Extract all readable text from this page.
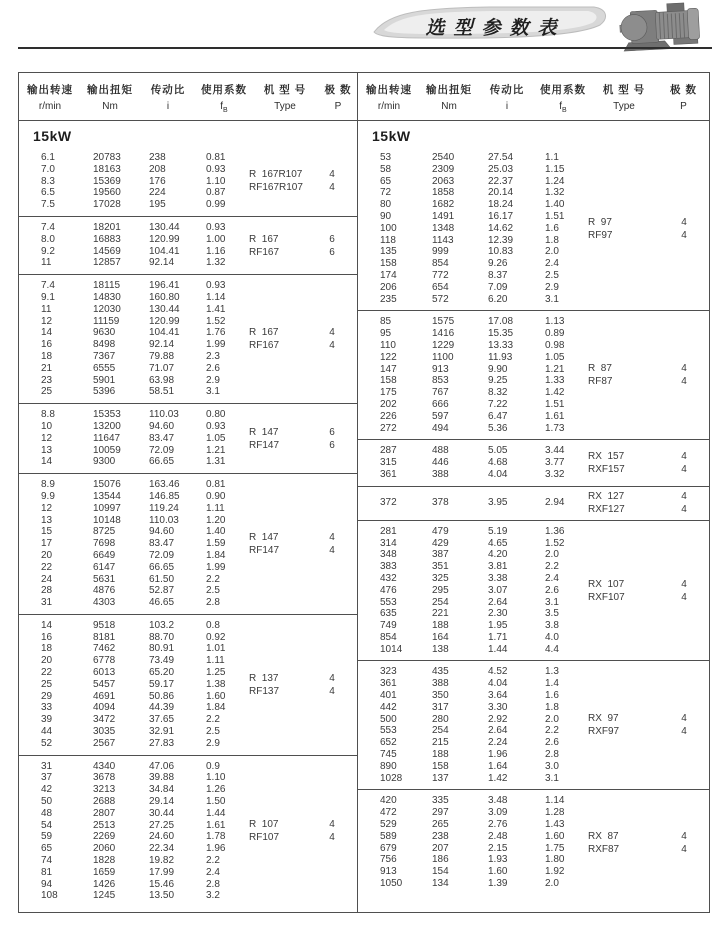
选型参数表
输出转速	输出扭矩	传动比	使用系数	机 型 号	极 数
r/min	Nm	i	$f_B$	Type	P
15kW
6.1	20783	238	0.81
7.0	18163	208	0.93
8.3	15369	176	1.10
6.5	19560	224	0.87
7.5	17028	195	0.99
R  167R107	4
RF167R107	4
7.4	18201	130.44	0.93
8.0	16883	120.99	1.00
9.2	14569	104.41	1.16
11	12857	92.14	1.32
R  167	6
RF167	6
7.4	18115	196.41	0.93
9.1	14830	160.80	1.14
11	12030	130.44	1.41
12	11159	120.99	1.52
14	9630	104.41	1.76
16	8498	92.14	1.99
18	7367	79.88	2.3
21	6555	71.07	2.6
23	5901	63.98	2.9
25	5396	58.51	3.1
R  167	4
RF167	4
8.8	15353	110.03	0.80
10	13200	94.60	0.93
12	11647	83.47	1.05
13	10059	72.09	1.21
14	9300	66.65	1.31
R  147	6
RF147	6
8.9	15076	163.46	0.81
9.9	13544	146.85	0.90
12	10997	119.24	1.11
13	10148	110.03	1.20
15	8725	94.60	1.40
17	7698	83.47	1.59
20	6649	72.09	1.84
22	6147	66.65	1.99
24	5631	61.50	2.2
28	4876	52.87	2.5
31	4303	46.65	2.8
R  147	4
RF147	4
14	9518	103.2	0.8
16	8181	88.70	0.92
18	7462	80.91	1.01
20	6778	73.49	1.11
22	6013	65.20	1.25
25	5457	59.17	1.38
29	4691	50.86	1.60
33	4094	44.39	1.84
39	3472	37.65	2.2
44	3035	32.91	2.5
52	2567	27.83	2.9
R  137	4
RF137	4
31	4340	47.06	0.9
37	3678	39.88	1.10
42	3213	34.84	1.26
50	2688	29.14	1.50
48	2807	30.44	1.44
54	2513	27.25	1.61
59	2269	24.60	1.78
65	2060	22.34	1.96
74	1828	19.82	2.2
81	1659	17.99	2.4
94	1426	15.46	2.8
108	1245	13.50	3.2
R  107	4
RF107	4
输出转速	输出扭矩	传动比	使用系数	机 型 号	极 数
r/min	Nm	i	$f_B$	Type	P
15kW
53	2540	27.54	1.1
58	2309	25.03	1.15
65	2063	22.37	1.24
72	1858	20.14	1.32
80	1682	18.24	1.40
90	1491	16.17	1.51
100	1348	14.62	1.6
118	1143	12.39	1.8
135	999	10.83	2.0
158	854	9.26	2.4
174	772	8.37	2.5
206	654	7.09	2.9
235	572	6.20	3.1
R  97	4
RF97	4
85	1575	17.08	1.13
95	1416	15.35	0.89
110	1229	13.33	0.98
122	1100	11.93	1.05
147	913	9.90	1.21
158	853	9.25	1.33
175	767	8.32	1.42
202	666	7.22	1.51
226	597	6.47	1.61
272	494	5.36	1.73
R  87	4
RF87	4
287	488	5.05	3.44
315	446	4.68	3.77
361	388	4.04	3.32
RX  157	4
RXF157	4
372	378	3.95	2.94
RX  127	4
RXF127	4
281	479	5.19	1.36
314	429	4.65	1.52
348	387	4.20	2.0
383	351	3.81	2.2
432	325	3.38	2.4
476	295	3.07	2.6
553	254	2.64	3.1
635	221	2.30	3.5
749	188	1.95	3.8
854	164	1.71	4.0
1014	138	1.44	4.4
RX  107	4
RXF107	4
323	435	4.52	1.3
361	388	4.04	1.4
401	350	3.64	1.6
442	317	3.30	1.8
500	280	2.92	2.0
553	254	2.64	2.2
652	215	2.24	2.6
745	188	1.96	2.8
890	158	1.64	3.0
1028	137	1.42	3.1
RX  97	4
RXF97	4
420	335	3.48	1.14
472	297	3.09	1.28
529	265	2.76	1.43
589	238	2.48	1.60
679	207	2.15	1.75
756	186	1.93	1.80
913	154	1.60	1.92
1050	134	1.39	2.0
RX  87	4
RXF87	4
